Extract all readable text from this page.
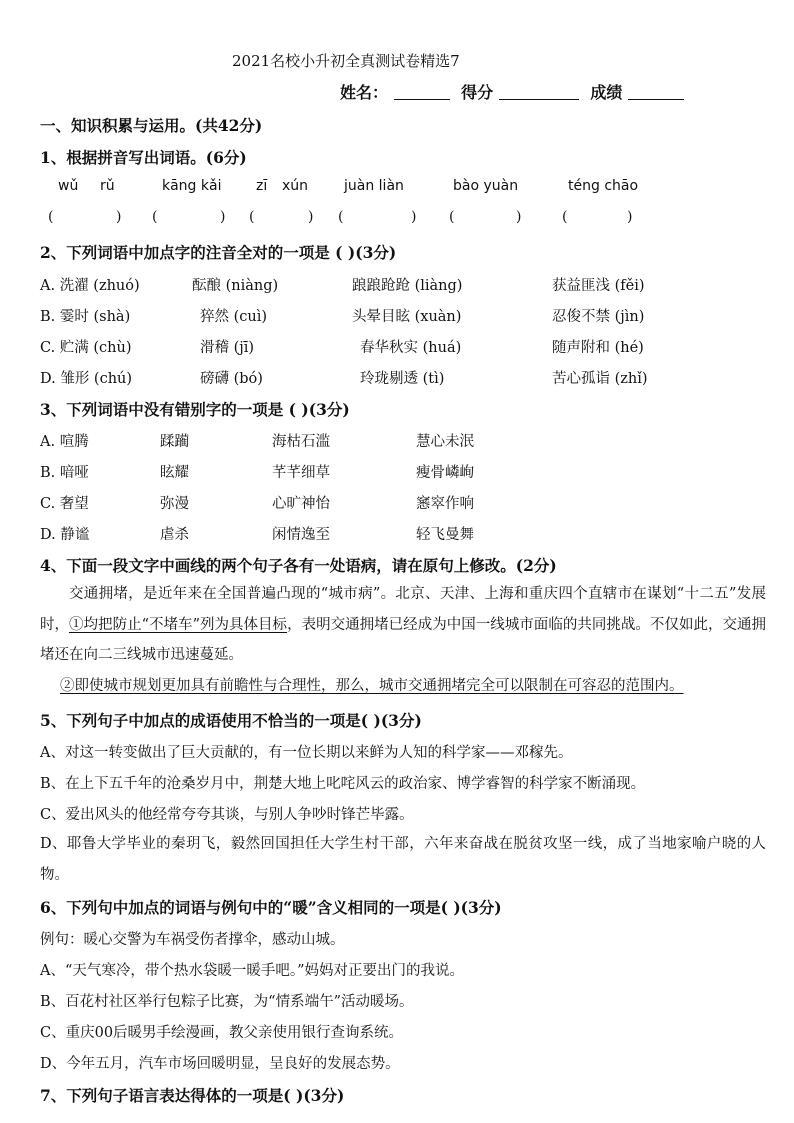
2021名校小升初全真测试卷精选7
姓名：	得分	成绩
一、知识积累与运用。(共42分)
1、根据拼音写出词语。(6分)
wǔ rǔ	kāng kǎi zī xún	juàn liàn	bào yuàn	téng chāo
(	) (	) (	) (	) (	)	(	)
2、下列词语中加点字的注音全对的一项是 ( )(3分)
A. 洗濯 (zhuó)	酝酿 (niàng)	踉踉跄跄 (liàng)	获益匪浅 (fěi)
B. 霎时 (shà)	猝然 (cuì)	头晕目眩 (xuàn)	忍俊不禁 (jìn)
C. 贮满 (chù)	滑稽 (jī)	春华秋实 (huá)	随声附和 (hé)
D. 雏形 (chú)	磅礴 (bó)	玲珑剔透 (tì)	苦心孤诣 (zhǐ)
3、下列词语中没有错别字的一项是 ( )(3分)
A. 喧腾	蹂躏	海枯石滥	慧心未泯
B. 喑哑	眩耀	芊芊细草	瘦骨嶙峋
C. 奢望	弥漫	心旷神怡	窸窣作响
D. 静谧	虐杀	闲情逸至	轻飞曼舞
4、下面一段文字中画线的两个句子各有一处语病，请在原句上修改。(2分)
交通拥堵，是近年来在全国普遍凸现的“城市病”。北京、天津、上海和重庆四个直辖市在谋划“十二五”发展时，①均把防止“不堵车”列为具体目标，表明交通拥堵已经成为中国一线城市面临的共同挑战。不仅如此，交通拥堵还在向二三线城市迅速蔓延。
②即使城市规划更加具有前瞻性与合理性，那么，城市交通拥堵完全可以限制在可容忍的范围内。
5、下列句子中加点的成语使用不恰当的一项是( )(3分)
A、对这一转变做出了巨大贡献的，有一位长期以来鲜为人知的科学家——邓稼先。
B、在上下五千年的沧桑岁月中，荆楚大地上叱咤风云的政治家、博学睿智的科学家不断涌现。
C、爱出风头的他经常夸夸其谈，与别人争吵时锋芒毕露。
D、耶鲁大学毕业的秦玥飞，毅然回国担任大学生村干部，六年来奋战在脱贫攻坚一线，成了当地家喻户晓的人物。
6、下列句中加点的词语与例句中的“暖”含义相同的一项是( )(3分)
例句：暖心交警为车祸受伤者撑伞，感动山城。
A、“天气寒冷，带个热水袋暖一暖手吧。”妈妈对正要出门的我说。
B、百花村社区举行包粽子比赛，为“情系端午”活动暖场。
C、重庆00后暖男手绘漫画，教父亲使用银行查询系统。
D、今年五月，汽车市场回暖明显，呈良好的发展态势。
7、下列句子语言表达得体的一项是( )(3分)
